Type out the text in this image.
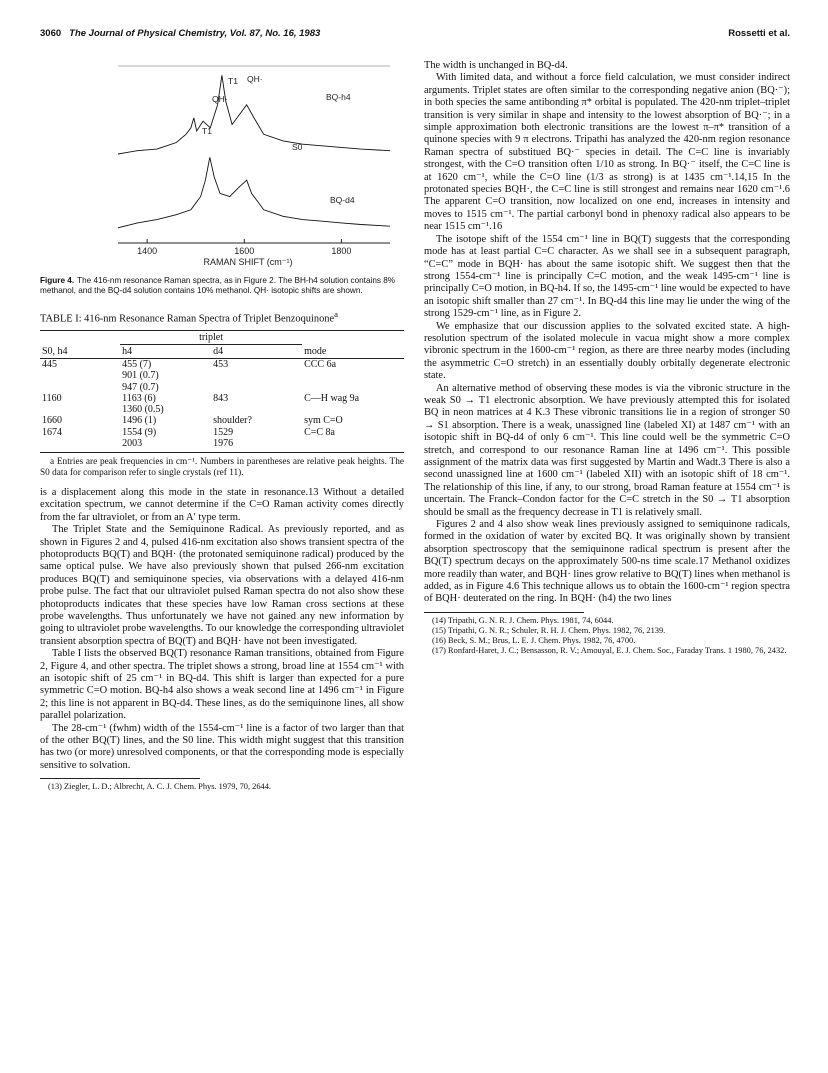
3060 The Journal of Physical Chemistry, Vol. 87, No. 16, 1983	Rossetti et al.
1400	1600	1800
T1 QH·
QH·
T1
S0
BQ-h4
BQ-d4
RAMAN SHIFT (cm⁻¹)
Figure 4. The 416-nm resonance Raman spectra, as in Figure 2. The BH-h4 solution contains 8% methanol, and the BQ-d4 solution contains 10% methanol. QH· isotopic shifts are shown.
TABLE I: 416-nm Resonance Raman Spectra of Triplet Benzoquinone$^a$
	triplet		
S0, h4	h4	d4	mode
445	455 (7)	453	CCC 6a
	901 (0.7)		
	947 (0.7)		
1160	1163 (6)	843	C—H wag 9a
	1360 (0.5)		
1660	1496 (1)	shoulder?	sym C=O
1674	1554 (9)	1529	C=C 8a
	2003	1976	
a Entries are peak frequencies in cm⁻¹. Numbers in parentheses are relative peak heights. The S0 data for comparison refer to single crystals (ref 11).

is a displacement along this mode in the state in resonance.13 Without a detailed excitation spectrum, we cannot determine if the C=O Raman activity comes directly from the far ultraviolet, or from an A′ type term.

The Triplet State and the Semiquinone Radical. As previously reported, and as shown in Figures 2 and 4, pulsed 416-nm excitation also shows transient spectra of the photoproducts BQ(T) and BQH· (the protonated semiquinone radical) produced by the same optical pulse. We have also previously shown that pulsed 266-nm excitation produces BQ(T) and semiquinone species, via observations with a delayed 416-nm probe pulse. The fact that our ultraviolet pulsed Raman spectra do not also show these photoproducts indicates that these species have low Raman cross sections at these probe wavelengths. Thus unfortunately we have not gained any new information by going to ultraviolet probe wavelengths. To our knowledge the corresponding ultraviolet transient absorption spectra of BQ(T) and BQH· have not been investigated.

Table I lists the observed BQ(T) resonance Raman transitions, obtained from Figure 2, Figure 4, and other spectra. The triplet shows a strong, broad line at 1554 cm⁻¹ with an isotopic shift of 25 cm⁻¹ in BQ-d4. This shift is larger than expected for a pure symmetric C=O motion. BQ-h4 also shows a weak second line at 1496 cm⁻¹ in Figure 2; this line is not apparent in BQ-d4. These lines, as do the semiquinone lines, all show parallel polarization.

The 28-cm⁻¹ (fwhm) width of the 1554-cm⁻¹ line is a factor of two larger than that of the other BQ(T) lines, and the S0 line. This width might suggest that this transition has two (or more) unresolved components, or that the corresponding mode is especially sensitive to solvation.

(13) Ziegler, L. D.; Albrecht, A. C. J. Chem. Phys. 1979, 70, 2644.

The width is unchanged in BQ-d4.

With limited data, and without a force field calculation, we must consider indirect arguments. Triplet states are often similar to the corresponding negative anion (BQ·⁻); in both species the same antibonding π* orbital is populated. The 420-nm triplet–triplet transition is very similar in shape and intensity to the lowest absorption of BQ·⁻; in a simple approximation both electronic transitions are the lowest π–π* transition of a quinone species with 9 π electrons. Tripathi has analyzed the 420-nm region resonance Raman spectra of substitued BQ·⁻ species in detail. The C=C line is invariably strongest, with the C=O transition often 1/10 as strong. In BQ·⁻ itself, the C=C line is at 1620 cm⁻¹, while the C=O line (1/3 as strong) is at 1435 cm⁻¹.14,15 In the protonated species BQH·, the C=C line is still strongest and remains near 1620 cm⁻¹.6 The apparent C=O transition, now localized on one end, increases in intensity and moves to 1515 cm⁻¹. The partial carbonyl bond in phenoxy radical also appears to be near 1515 cm⁻¹.16

The isotope shift of the 1554 cm⁻¹ line in BQ(T) suggests that the corresponding mode has at least partial C=C character. As we shall see in a subsequent paragraph, “C=C” mode in BQH· has about the same isotopic shift. We suggest then that the strong 1554-cm⁻¹ line is principally C=C motion, and the weak 1495-cm⁻¹ line is principally C=O motion, in BQ-h4. If so, the 1495-cm⁻¹ line would be expected to have an isotopic shift smaller than 27 cm⁻¹. In BQ-d4 this line may lie under the wing of the strong 1529-cm⁻¹ line, as in Figure 2.

We emphasize that our discussion applies to the solvated excited state. A high-resolution spectrum of the isolated molecule in vacua might show a more complex vibronic spectrum in the 1600-cm⁻¹ region, as there are three nearby modes (including the asymmetric C=O stretch) in an essentially doubly orbitally degenerate electronic state.

An alternative method of observing these modes is via the vibronic structure in the weak S0 → T1 electronic absorption. We have previously attempted this for isolated BQ in neon matrices at 4 K.3 These vibronic transitions lie in a region of stronger S0 → S1 absorption. There is a weak, unassigned line (labeled XI) at 1487 cm⁻¹ with an isotopic shift in BQ-d4 of only 6 cm⁻¹. This line could well be the symmetric C=O stretch, and correspond to our resonance Raman line at 1496 cm⁻¹. This possible assignment of the matrix data was first suggested by Martin and Wadt.3 There is also a second unassigned line at 1600 cm⁻¹ (labeled XII) with an isotopic shift of 18 cm⁻¹. The relationship of this line, if any, to our strong, broad Raman feature at 1554 cm⁻¹ is uncertain. The Franck–Condon factor for the C=C stretch in the S0 → T1 absorption should be small as the frequency decrease in T1 is relatively small.

Figures 2 and 4 also show weak lines previously assigned to semiquinone radicals, formed in the oxidation of water by excited BQ. It was originally shown by transient absorption spectroscopy that the semiquinone radical spectrum is present after the BQ(T) spectrum decays on the approximately 500-ns time scale.17 Methanol oxidizes more readily than water, and BQH· lines grow relative to BQ(T) lines when methanol is added, as in Figure 4.6 This technique allows us to obtain the 1600-cm⁻¹ region spectra of BQH· deuterated on the ring. In BQH· (h4) the two lines

(14) Tripathi, G. N. R. J. Chem. Phys. 1981, 74, 6044.
(15) Tripathi, G. N. R.; Schuler, R. H. J. Chem. Phys. 1982, 76, 2139.
(16) Beck, S. M.; Brus, L. E. J. Chem. Phys. 1982, 76, 4700.
(17) Ronfard-Haret, J. C.; Bensasson, R. V.; Amouyal, E. J. Chem. Soc., Faraday Trans. 1 1980, 76, 2432.
